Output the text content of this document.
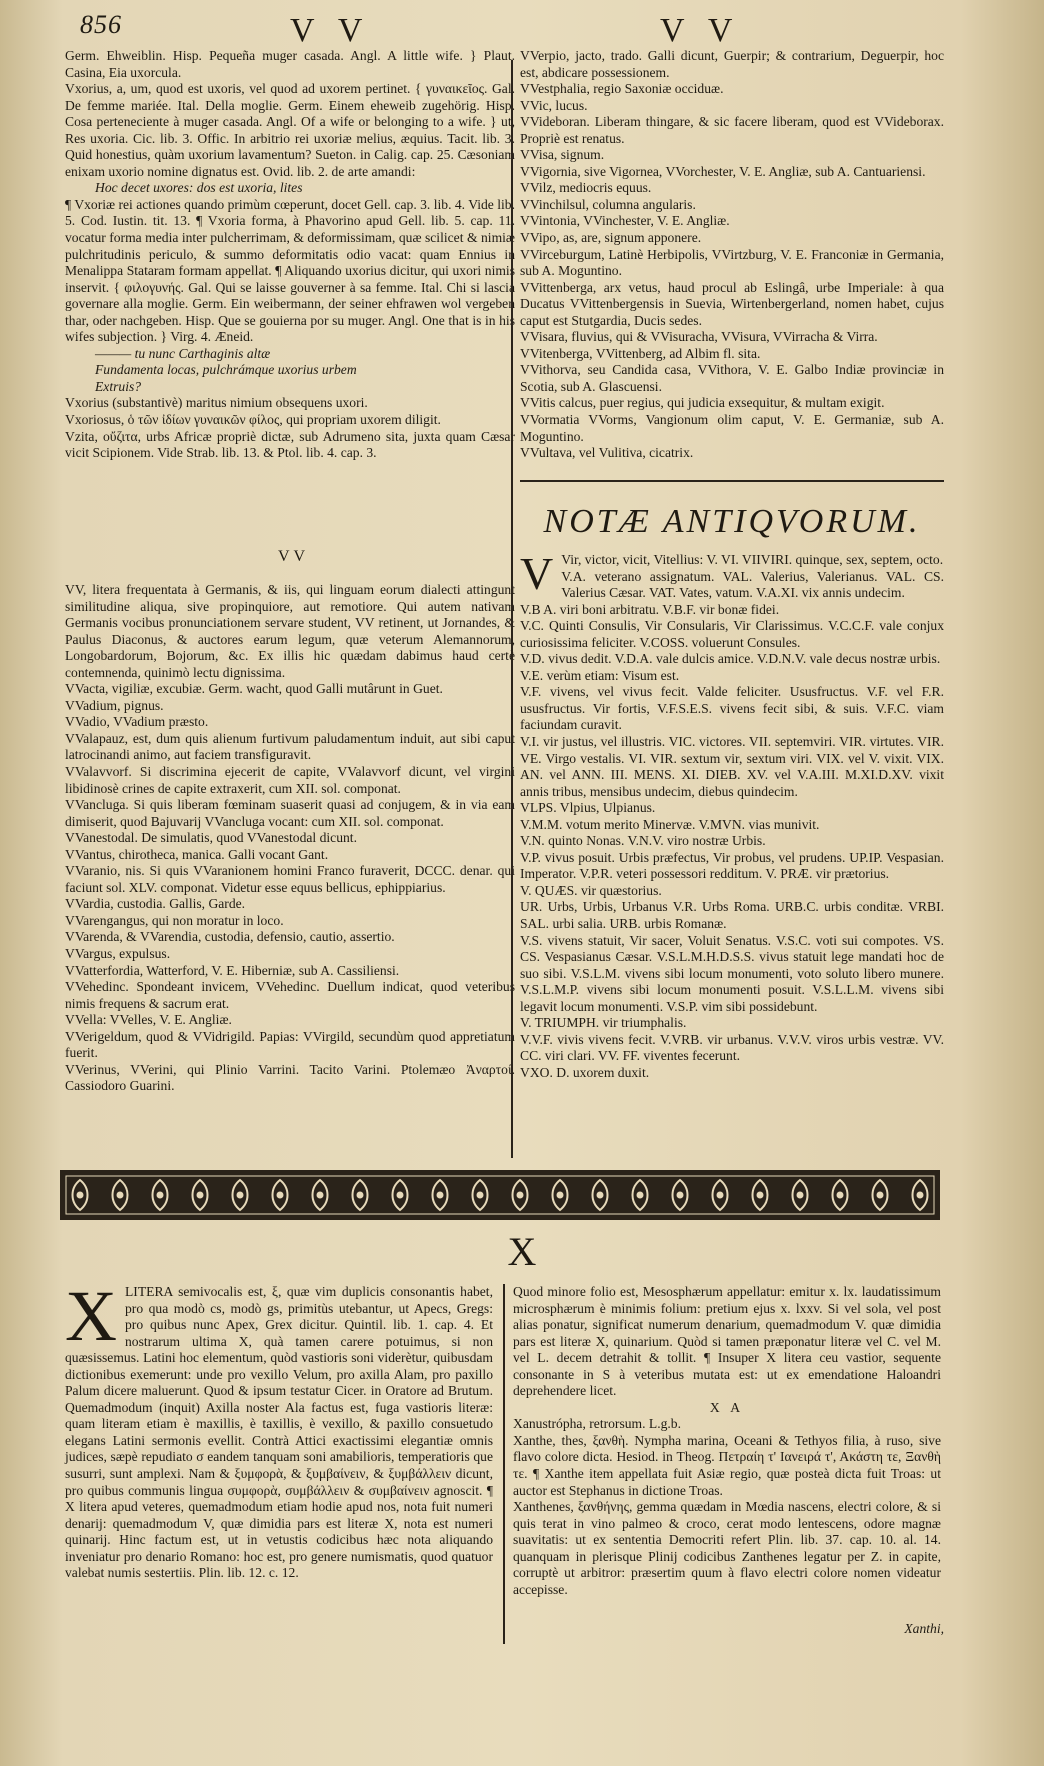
856	V V	V V

Germ. Ehweiblin. Hisp. Pequeña muger casada. Angl. A little wife. } Plaut. Casina, Eia uxorcula.

Vxorius, a, um, quod est uxoris, vel quod ad uxorem pertinet. { γυναικεῖος. Gal. De femme mariée. Ital. Della moglie. Germ. Einem eheweib zugehörig. Hisp. Cosa perteneciente à muger casada. Angl. Of a wife or belonging to a wife. } ut, Res uxoria. Cic. lib. 3. Offic. In arbitrio rei uxoriæ melius, æquius. Tacit. lib. 3. Quid honestius, quàm uxorium lavamentum? Sueton. in Calig. cap. 25. Cæsoniam enixam uxorio nomine dignatus est. Ovid. lib. 2. de arte amandi:

Hoc decet uxores: dos est uxoria, lites

¶ Vxoriæ rei actiones quando primùm cœperunt, docet Gell. cap. 3. lib. 4. Vide lib. 5. Cod. Iustin. tit. 13. ¶ Vxoria forma, à Phavorino apud Gell. lib. 5. cap. 11. vocatur forma media inter pulcherrimam, & deformissimam, quæ scilicet & nimiæ pulchritudinis periculo, & summo deformitatis odio vacat: quam Ennius in Menalippa Stataram formam appellat. ¶ Aliquando uxorius dicitur, qui uxori nimis inservit. { φιλογυνής. Gal. Qui se laisse gouverner à sa femme. Ital. Chi si lascia governare alla moglie. Germ. Ein weibermann, der seiner ehfrawen wol vergeben thar, oder nachgeben. Hisp. Que se gouierna por su muger. Angl. One that is in his wifes subjection. } Virg. 4. Æneid.

——— tu nunc Carthaginis altæ

Fundamenta locas, pulchrámque uxorius urbem

Extruis?

Vxorius (substantivè) maritus nimium obsequens uxori.

Vxoriosus, ὁ τῶν ἰδίων γυναικῶν φίλος, qui propriam uxorem diligit.

Vzita, οὔζιτα, urbs Africæ propriè dictæ, sub Adrumeno sita, juxta quam Cæsar vicit Scipionem. Vide Strab. lib. 13. & Ptol. lib. 4. cap. 3.

VV

VV, litera frequentata à Germanis, & iis, qui linguam eorum dialecti attingunt similitudine aliqua, sive propinquiore, aut remotiore. Qui autem nativam Germanis vocibus pronunciationem servare student, VV retinent, ut Jornandes, & Paulus Diaconus, & auctores earum legum, quæ veterum Alemannorum, Longobardorum, Bojorum, &c. Ex illis hic quædam dabimus haud certè contemnenda, quinimò lectu dignissima.

VVacta, vigiliæ, excubiæ. Germ. wacht, quod Galli mutârunt in Guet.

VVadium, pignus.

VVadio, VVadium præsto.

VValapauz, est, dum quis alienum furtivum paludamentum induit, aut sibi caput latrocinandi animo, aut faciem transfiguravit.

VValavvorf. Si discrimina ejecerit de capite, VValavvorf dicunt, vel virgini libidinosè crines de capite extraxerit, cum XII. sol. componat.

VVancluga. Si quis liberam fœminam suaserit quasi ad conjugem, & in via eam dimiserit, quod Bajuvarij VVancluga vocant: cum XII. sol. componat.

VVanestodal. De simulatis, quod VVanestodal dicunt.

VVantus, chirotheca, manica. Galli vocant Gant.

VVaranio, nis. Si quis VVaranionem homini Franco furaverit, DCCC. denar. qui faciunt sol. XLV. componat. Videtur esse equus bellicus, ephippiarius.

VVardia, custodia. Gallis, Garde.

VVarengangus, qui non moratur in loco.

VVarenda, & VVarendia, custodia, defensio, cautio, assertio.

VVargus, expulsus.

VVatterfordia, Watterford, V. E. Hiberniæ, sub A. Cassiliensi.

VVehedinc. Spondeant invicem, VVehedinc. Duellum indicat, quod veteribus nimis frequens & sacrum erat.

VVella: VVelles, V. E. Angliæ.

VVerigeldum, quod & VVidrigild. Papias: VVirgild, secundùm quod appretiatum fuerit.

VVerinus, VVerini, qui Plinio Varrini. Tacito Varini. Ptolemæo Ἀναρτοί. Cassiodoro Guarini.

VVerpio, jacto, trado. Galli dicunt, Guerpir; & contrarium, Deguerpir, hoc est, abdicare possessionem.

VVestphalia, regio Saxoniæ occiduæ.

VVic, lucus.

VVideboran. Liberam thingare, & sic facere liberam, quod est VVideborax. Propriè est renatus.

VVisa, signum.

VVigornia, sive Vigornea, VVorchester, V. E. Angliæ, sub A. Cantuariensi.

VVilz, mediocris equus.

VVinchilsul, columna angularis.

VVintonia, VVinchester, V. E. Angliæ.

VVipo, as, are, signum apponere.

VVirceburgum, Latinè Herbipolis, VVirtzburg, V. E. Franconiæ in Germania, sub A. Moguntino.

VVittenberga, arx vetus, haud procul ab Eslingâ, urbe Imperiale: à qua Ducatus VVittenbergensis in Suevia, Wirtenbergerland, nomen habet, cujus caput est Stutgardia, Ducis sedes.

VVisara, fluvius, qui & VVisuracha, VVisura, VVirracha & Virra.

VVitenberga, VVittenberg, ad Albim fl. sita.

VVithorva, seu Candida casa, VVithora, V. E. Galbo Indiæ provinciæ in Scotia, sub A. Glascuensi.

VVitis calcus, puer regius, qui judicia exsequitur, & multam exigit.

VVormatia VVorms, Vangionum olim caput, V. E. Germaniæ, sub A. Moguntino.

VVultava, vel Vulitiva, cicatrix.

NOTÆ ANTIQVORUM.

V Vir, victor, vicit, Vitellius: V. VI. VIIVIRI. quinque, sex, septem, octo.

V.A. veterano assignatum. VAL. Valerius, Valerianus. VAL. CS. Valerius Cæsar. VAT. Vates, vatum. V.A.XI. vix annis undecim.

V.B A. viri boni arbitratu. V.B.F. vir bonæ fidei.

V.C. Quinti Consulis, Vir Consularis, Vir Clarissimus. V.C.C.F. vale conjux curiosissima feliciter. V.COSS. voluerunt Consules.

V.D. vivus dedit. V.D.A. vale dulcis amice. V.D.N.V. vale decus nostræ urbis.

V.E. verùm etiam: Visum est.

V.F. vivens, vel vivus fecit. Valde feliciter. Ususfructus. V.F. vel F.R. ususfructus. Vir fortis, V.F.S.E.S. vivens fecit sibi, & suis. V.F.C. viam faciundam curavit.

V.I. vir justus, vel illustris. VIC. victores. VII. septemviri. VIR. virtutes. VIR. VE. Virgo vestalis. VI. VIR. sextum vir, sextum viri. VIX. vel V. vixit. VIX. AN. vel ANN. III. MENS. XI. DIEB. XV. vel V.A.III. M.XI.D.XV. vixit annis tribus, mensibus undecim, diebus quindecim.

VLPS. Vlpius, Ulpianus.

V.M.M. votum merito Minervæ. V.MVN. vias munivit.

V.N. quinto Nonas. V.N.V. viro nostræ Urbis.

V.P. vivus posuit. Urbis præfectus, Vir probus, vel prudens. UP.IP. Vespasian. Imperator. V.P.R. veteri possessori redditum. V. PRÆ. vir prætorius.

V. QUÆS. vir quæstorius.

UR. Urbs, Urbis, Urbanus V.R. Urbs Roma. URB.C. urbis conditæ. VRBI. SAL. urbi salia. URB. urbis Romanæ.

V.S. vivens statuit, Vir sacer, Voluit Senatus. V.S.C. voti sui compotes. VS. CS. Vespasianus Cæsar. V.S.L.M.H.D.S.S. vivus statuit lege mandati hoc de suo sibi. V.S.L.M. vivens sibi locum monumenti, voto soluto libero munere. V.S.L.M.P. vivens sibi locum monumenti posuit. V.S.L.L.M. vivens sibi legavit locum monumenti. V.S.P. vim sibi possidebunt.

V. TRIUMPH. vir triumphalis.

V.V.F. vivis vivens fecit. V.VRB. vir urbanus. V.V.V. viros urbis vestræ. VV. CC. viri clari. VV. FF. viventes fecerunt.

VXO. D. uxorem duxit.

X

XLITERA semivocalis est, ξ, quæ vim duplicis consonantis habet, pro qua modò cs, modò gs, primitùs utebantur, ut Apecs, Gregs: pro quibus nunc Apex, Grex dicitur. Quintil. lib. 1. cap. 4. Et nostrarum ultima X, quà tamen carere potuimus, si non quæsissemus. Latini hoc elementum, quòd vastioris soni viderètur, quibusdam dictionibus exemerunt: unde pro vexillo Velum, pro axilla Alam, pro paxillo Palum dicere maluerunt. Quod & ipsum testatur Cicer. in Oratore ad Brutum. Quemadmodum (inquit) Axilla noster Ala factus est, fuga vastioris literæ: quam literam etiam è maxillis, è taxillis, è vexillo, & paxillo consuetudo elegans Latini sermonis evellit. Contrà Attici exactissimi elegantiæ omnis judices, sæpè repudiato σ eandem tanquam soni amabilioris, temperatioris que susurri, sunt amplexi. Nam & ξυμφορὰ, & ξυμβαίνειν, & ξυμβάλλειν dicunt, pro quibus communis lingua συμφορὰ, συμβάλλειν & συμβαίνειν agnoscit. ¶ X litera apud veteres, quemadmodum etiam hodie apud nos, nota fuit numeri denarij: quemadmodum V, quæ dimidia pars est literæ X, nota est numeri quinarij. Hinc factum est, ut in vetustis codicibus hæc nota aliquando inveniatur pro denario Romano: hoc est, pro genere numismatis, quod quatuor valebat numis sestertiis. Plin. lib. 12. c. 12.

Quod minore folio est, Mesosphærum appellatur: emitur x. lx. laudatissimum microsphærum è minimis folium: pretium ejus x. lxxv. Si vel sola, vel post alias ponatur, significat numerum denarium, quemadmodum V. quæ dimidia pars est literæ X, quinarium. Quòd si tamen præponatur literæ vel C. vel M. vel L. decem detrahit & tollit. ¶ Insuper X litera ceu vastior, sequente consonante in S à veteribus mutata est: ut ex emendatione Haloandri deprehendere licet.

X A

Xanustrópha, retrorsum. L.g.b.

Xanthe, thes, ξανθὴ. Nympha marina, Oceani & Tethyos filia, à ruso, sive flavo colore dicta. Hesiod. in Theog. Πετραίη τ' Ιανειρά τ', Ακάστη τε, Ξανθὴ τε. ¶ Xanthe item appellata fuit Asiæ regio, quæ posteà dicta fuit Troas: ut auctor est Stephanus in dictione Troas.

Xanthenes, ξανθήνης, gemma quædam in Mœdia nascens, electri colore, & si quis terat in vino palmeo & croco, cerat modo lentescens, odore magnæ suavitatis: ut ex sententia Democriti refert Plin. lib. 37. cap. 10. al. 14. quanquam in plerisque Plinij codicibus Zanthenes legatur per Z. in capite, corruptè ut arbitror: præsertim quum à flavo electri colore nomen videatur accepisse.

Xanthi,
